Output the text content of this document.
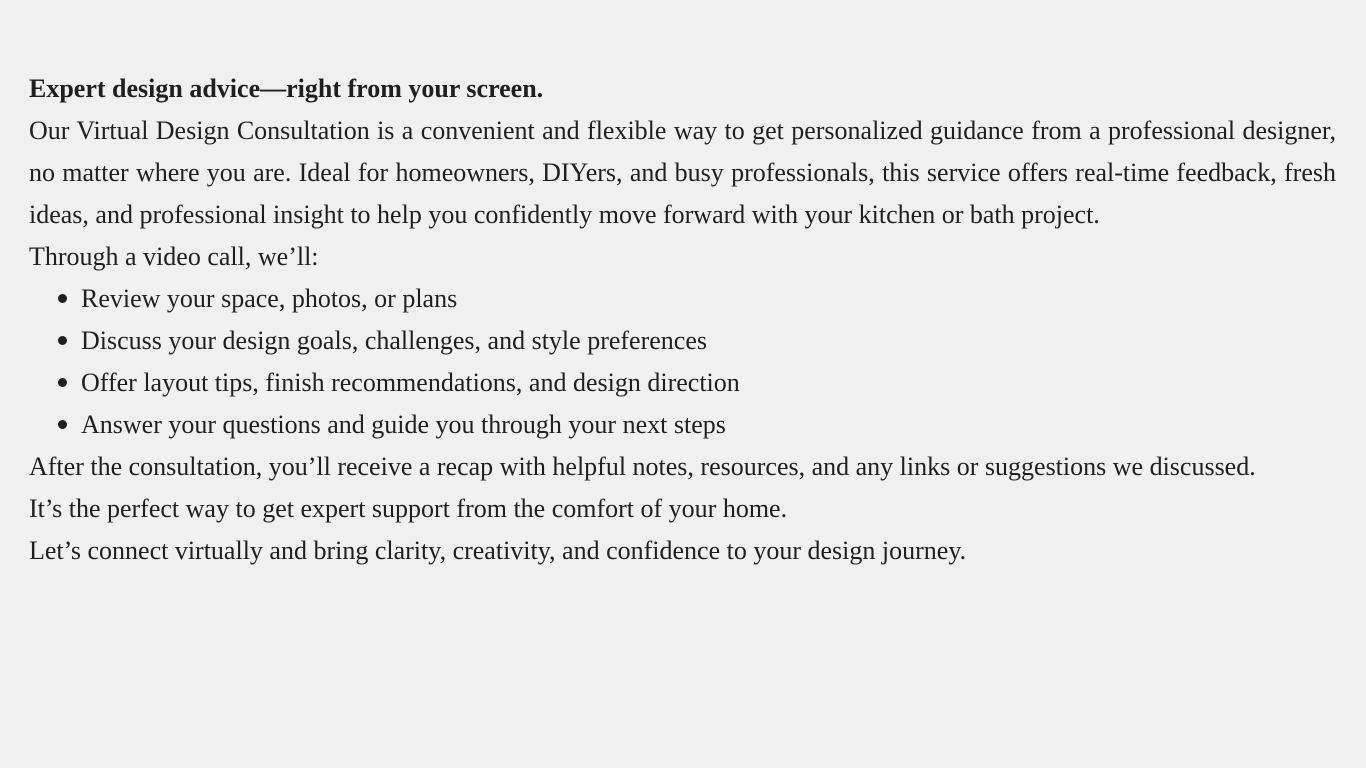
Expert design advice—right from your screen.

Our Virtual Design Consultation is a convenient and flexible way to get personalized guidance from a professional designer, no matter where you are. Ideal for homeowners, DIYers, and busy professionals, this service offers real-time feedback, fresh ideas, and professional insight to help you confidently move forward with your kitchen or bath project.

Through a video call, we’ll:

Review your space, photos, or plans
Discuss your design goals, challenges, and style preferences
Offer layout tips, finish recommendations, and design direction
Answer your questions and guide you through your next steps

After the consultation, you’ll receive a recap with helpful notes, resources, and any links or suggestions we discussed.

It’s the perfect way to get expert support from the comfort of your home.

Let’s connect virtually and bring clarity, creativity, and confidence to your design journey.
